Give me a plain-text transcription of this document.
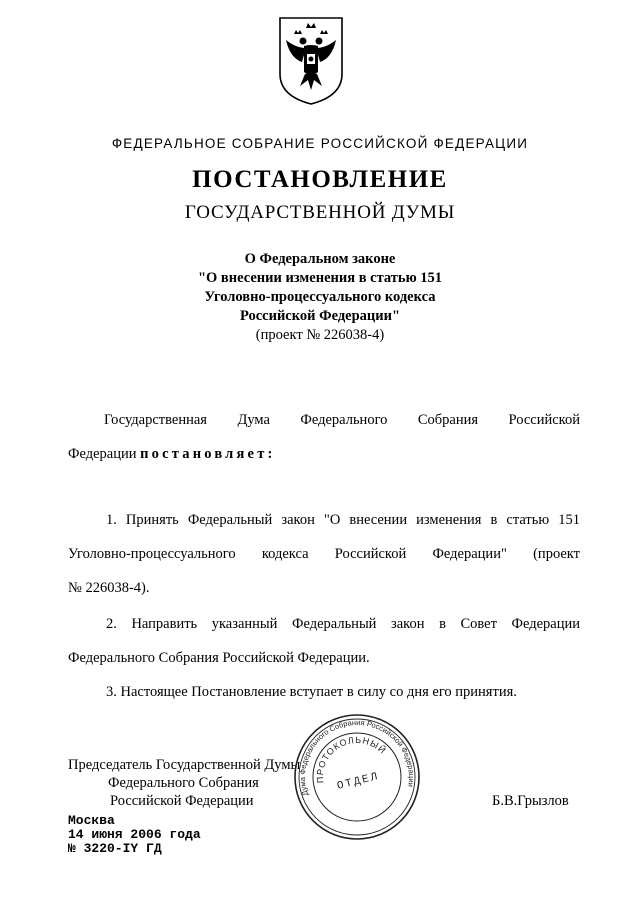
ФЕДЕРАЛЬНОЕ СОБРАНИЕ РОССИЙСКОЙ ФЕДЕРАЦИИ
ПОСТАНОВЛЕНИЕ
ГОСУДАРСТВЕННОЙ ДУМЫ
О Федеральном законе
"О внесении изменения в статью 151
Уголовно-процессуального кодекса
Российской Федерации"
(проект № 226038-4)
Государственная Дума Федерального Собрания Российской
Федерации постановляет:
1. Принять Федеральный закон "О внесении изменения в статью 151
Уголовно-процессуального кодекса Российской Федерации" (проект
№ 226038-4).
2. Направить указанный Федеральный закон в Совет Федерации
Федерального Собрания Российской Федерации.
3. Настоящее Постановление вступает в силу со дня его принятия.
Председатель Государственной Думы
Федерального Собрания
Российской Федерации	Б.В.Грызлов
Москва
14 июня 2006 года
№ 3220-IY ГД
Дума Федерального Собрания Российской Федерации
ПРОТОКОЛЬНЫЙ
ОТДЕЛ
